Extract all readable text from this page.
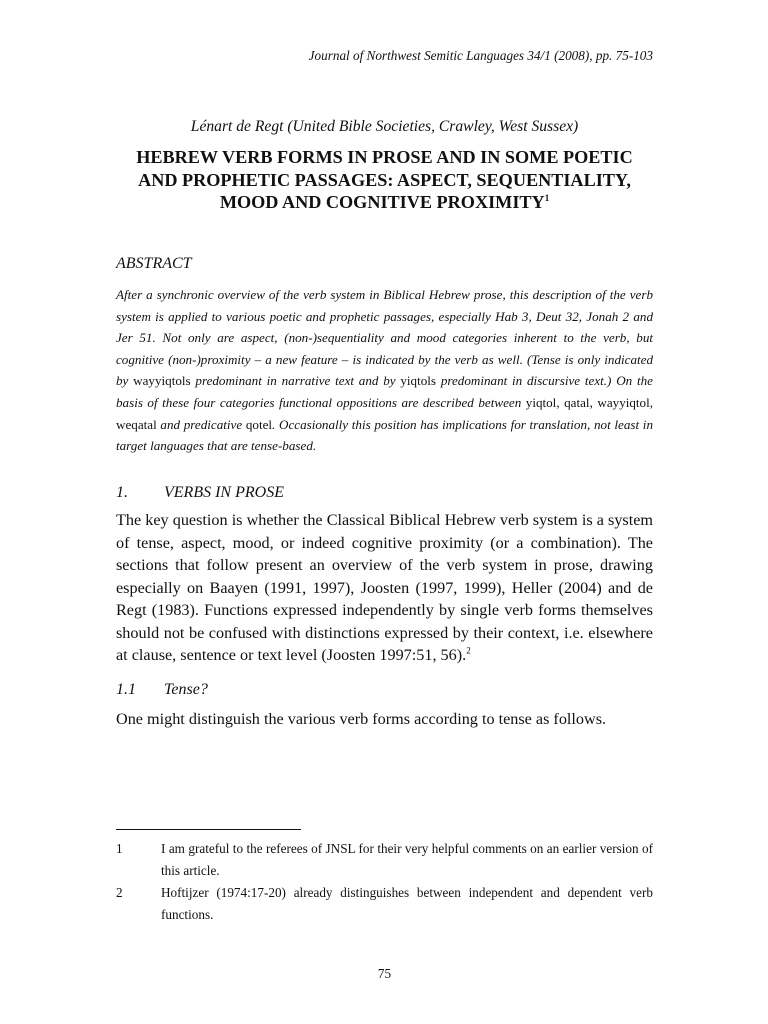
Journal of Northwest Semitic Languages 34/1 (2008), pp. 75-103
Lénart de Regt (United Bible Societies, Crawley, West Sussex)
HEBREW VERB FORMS IN PROSE AND IN SOME POETIC AND PROPHETIC PASSAGES: ASPECT, SEQUENTIALITY, MOOD AND COGNITIVE PROXIMITY$^1$
ABSTRACT
After a synchronic overview of the verb system in Biblical Hebrew prose, this description of the verb system is applied to various poetic and prophetic passages, especially Hab 3, Deut 32, Jonah 2 and Jer 51. Not only are aspect, (non-)sequentiality and mood categories inherent to the verb, but cognitive (non-)proximity – a new feature – is indicated by the verb as well. (Tense is only indicated by wayyiqtols predominant in narrative text and by yiqtols predominant in discursive text.) On the basis of these four categories functional oppositions are described between yiqtol, qatal, wayyiqtol, weqatal and predicative qotel. Occasionally this position has implications for translation, not least in target languages that are tense-based.
1. VERBS IN PROSE
The key question is whether the Classical Biblical Hebrew verb system is a system of tense, aspect, mood, or indeed cognitive proximity (or a combination). The sections that follow present an overview of the verb system in prose, drawing especially on Baayen (1991, 1997), Joosten (1997, 1999), Heller (2004) and de Regt (1983). Functions expressed independently by single verb forms themselves should not be confused with distinctions expressed by their context, i.e. elsewhere at clause, sentence or text level (Joosten 1997:51, 56).$^2$
1.1 Tense?
One might distinguish the various verb forms according to tense as follows.
1	I am grateful to the referees of JNSL for their very helpful comments on an earlier version of this article.
2	Hoftijzer (1974:17-20) already distinguishes between independent and dependent verb functions.
75
